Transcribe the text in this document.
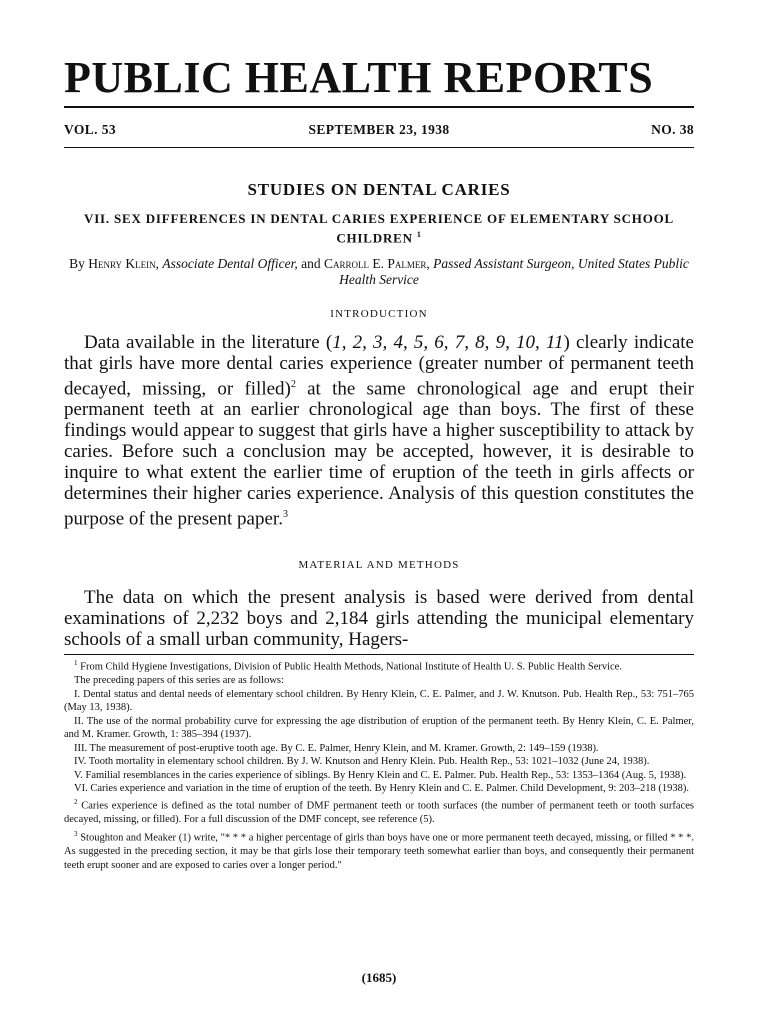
PUBLIC HEALTH REPORTS
VOL. 53	SEPTEMBER 23, 1938	NO. 38
STUDIES ON DENTAL CARIES
VII. SEX DIFFERENCES IN DENTAL CARIES EXPERIENCE OF ELEMENTARY SCHOOL CHILDREN $^1$
By Henry Klein, Associate Dental Officer, and Carroll E. Palmer, Passed Assistant Surgeon, United States Public Health Service
INTRODUCTION

Data available in the literature (1, 2, 3, 4, 5, 6, 7, 8, 9, 10, 11) clearly indicate that girls have more dental caries experience (greater number of permanent teeth decayed, missing, or filled)$^2$ at the same chronological age and erupt their permanent teeth at an earlier chronological age than boys. The first of these findings would appear to suggest that girls have a higher susceptibility to attack by caries. Before such a conclusion may be accepted, however, it is desirable to inquire to what extent the earlier time of eruption of the teeth in girls affects or determines their higher caries experience. Analysis of this question constitutes the purpose of the present paper.$^3$

MATERIAL AND METHODS

The data on which the present analysis is based were derived from dental examinations of 2,232 boys and 2,184 girls attending the municipal elementary schools of a small urban community, Hagers-

$^1$ From Child Hygiene Investigations, Division of Public Health Methods, National Institute of Health U. S. Public Health Service.

The preceding papers of this series are as follows:

I. Dental status and dental needs of elementary school children. By Henry Klein, C. E. Palmer, and J. W. Knutson. Pub. Health Rep., 53: 751–765 (May 13, 1938).

II. The use of the normal probability curve for expressing the age distribution of eruption of the permanent teeth. By Henry Klein, C. E. Palmer, and M. Kramer. Growth, 1: 385–394 (1937).

III. The measurement of post-eruptive tooth age. By C. E. Palmer, Henry Klein, and M. Kramer. Growth, 2: 149–159 (1938).

IV. Tooth mortality in elementary school children. By J. W. Knutson and Henry Klein. Pub. Health Rep., 53: 1021–1032 (June 24, 1938).

V. Familial resemblances in the caries experience of siblings. By Henry Klein and C. E. Palmer. Pub. Health Rep., 53: 1353–1364 (Aug. 5, 1938).

VI. Caries experience and variation in the time of eruption of the teeth. By Henry Klein and C. E. Palmer. Child Development, 9: 203–218 (1938).

$^2$ Caries experience is defined as the total number of DMF permanent teeth or tooth surfaces (the number of permanent teeth or tooth surfaces decayed, missing, or filled). For a full discussion of the DMF concept, see reference (5).

$^3$ Stoughton and Meaker (1) write, "* * * a higher percentage of girls than boys have one or more permanent teeth decayed, missing, or filled * * *. As suggested in the preceding section, it may be that girls lose their temporary teeth somewhat earlier than boys, and consequently their permanent teeth erupt sooner and are exposed to caries over a longer period."

(1685)
